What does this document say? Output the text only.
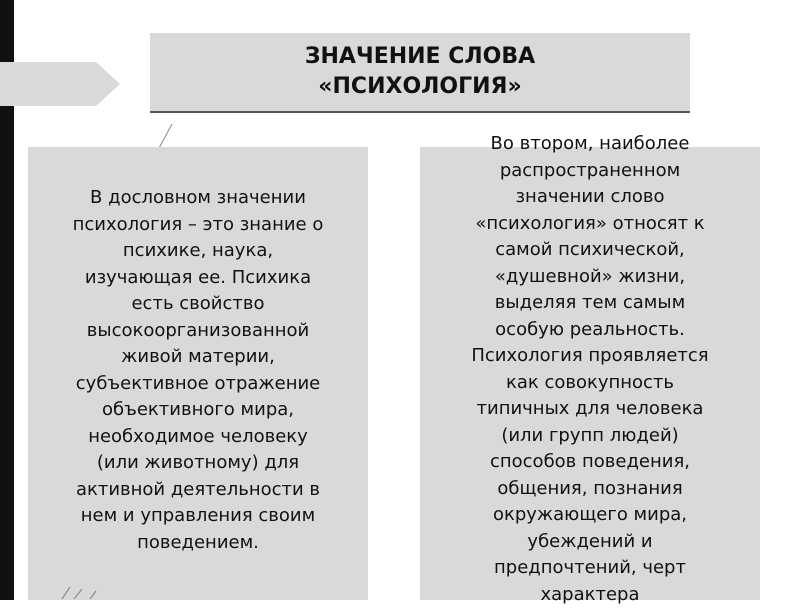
ЗНАЧЕНИЕ СЛОВА
«ПСИХОЛОГИЯ»
В дословном значении
психология – это знание о
психике, наука,
изучающая ее. Психика
есть свойство
высокоорганизованной
живой материи,
субъективное отражение
объективного мира,
необходимое человеку
(или животному) для
активной деятельности в
нем и управления своим
поведением.
Во втором, наиболее
распространенном
значении слово
«психология» относят к
самой психической,
«душевной» жизни,
выделяя тем самым
особую реальность.
Психология проявляется
как совокупность
типичных для человека
(или групп людей)
способов поведения,
общения, познания
окружающего мира,
убеждений и
предпочтений, черт
характера
